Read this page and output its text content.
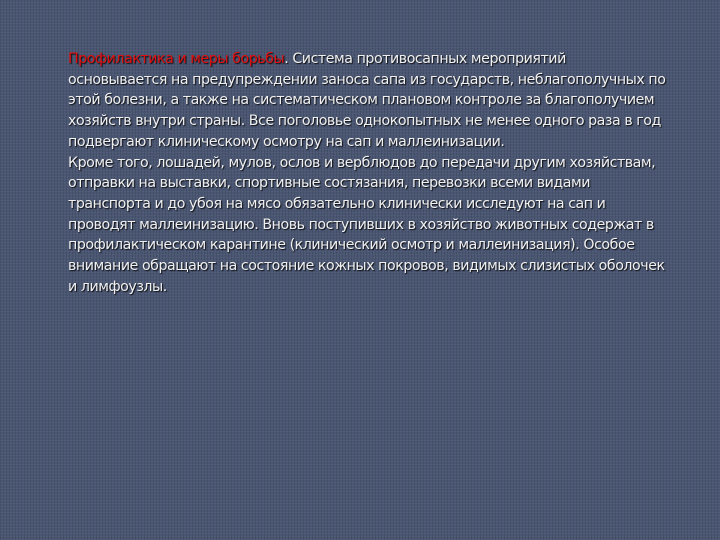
Профилактика и меры борьбы. Система противосапных мероприятий основывается на предупреждении заноса сапа из государств, неблагополучных по этой болезни, а также на систематическом плановом контроле за благополучием хозяйств внутри страны. Все поголовье однокопытных не менее одного раза в год подвергают клиническому осмотру на сап и маллеинизации.

Кроме того, лошадей, мулов, ослов и верблюдов до передачи другим хозяйствам, отправки на выставки, спортивные состязания, перевозки всеми видами транспорта и до убоя на мясо обязательно клинически исследуют на сап и проводят маллеинизацию. Вновь поступивших в хозяйство животных содержат в профилактическом карантине (клинический осмотр и маллеинизация). Особое внимание обращают на состояние кожных покровов, видимых слизистых оболочек и лимфоузлы.
